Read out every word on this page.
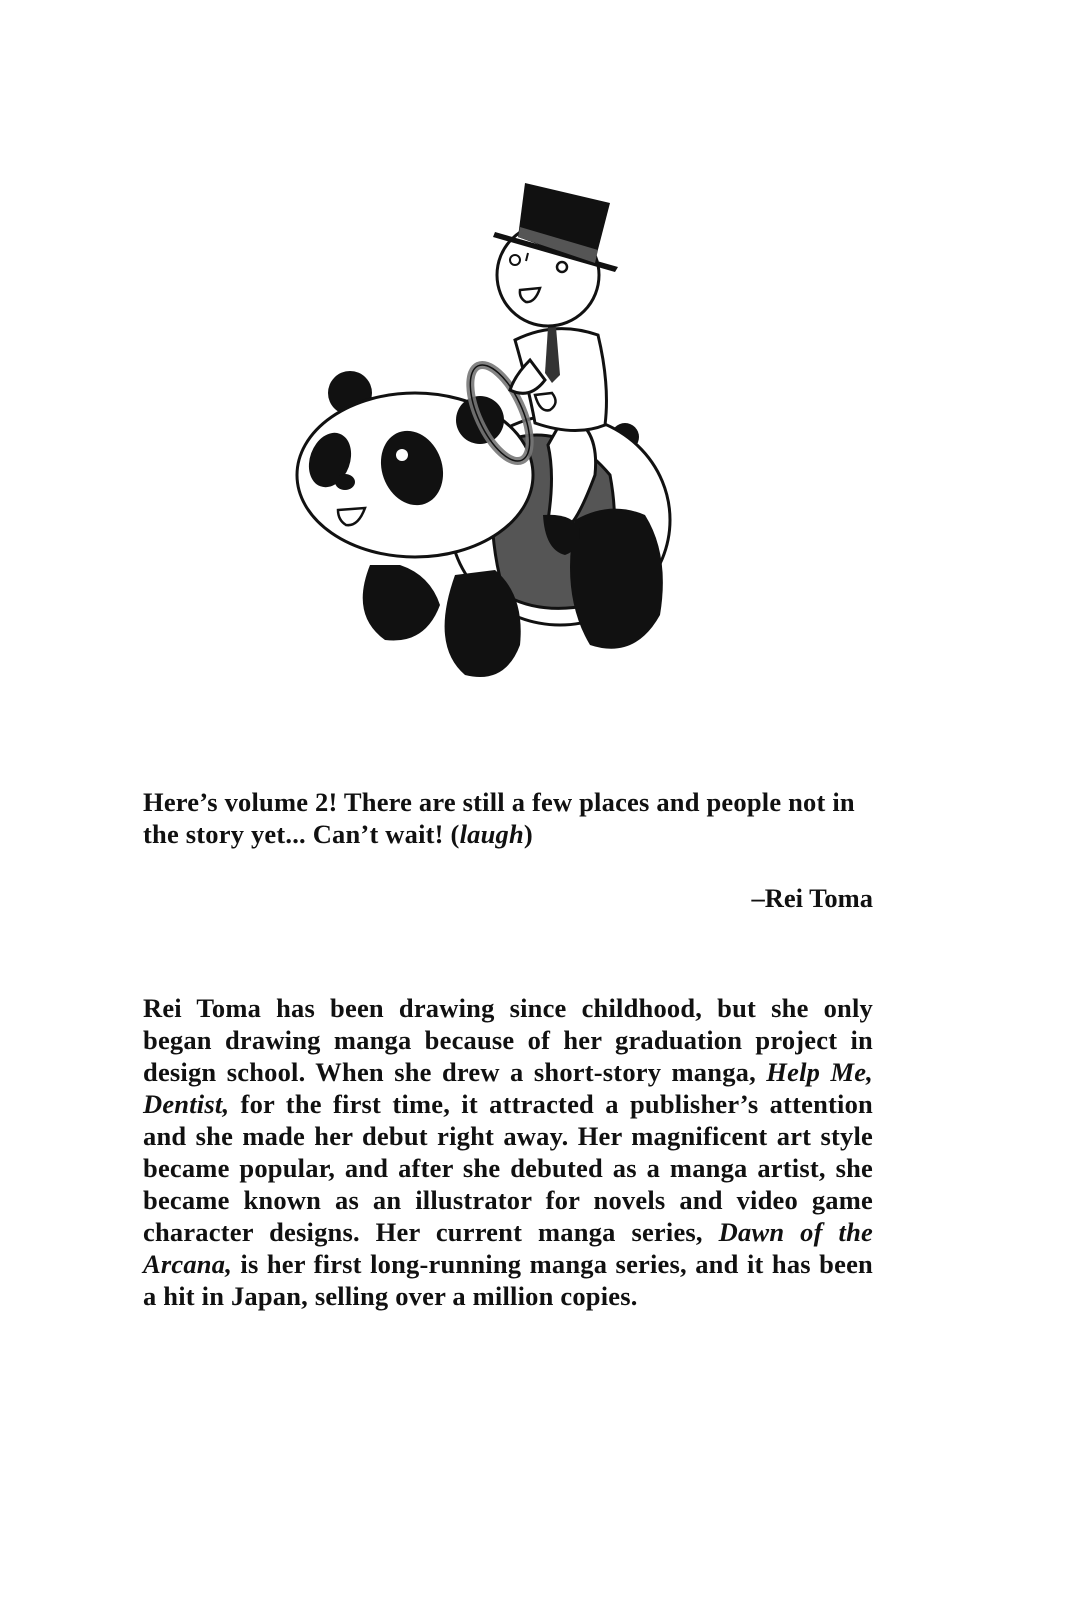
Here’s volume 2! There are still a few places and people not in the story yet... Can’t wait! (laugh)

–Rei Toma

Rei Toma has been drawing since childhood, but she only began drawing manga because of her graduation project in design school. When she drew a short-story manga, Help Me, Dentist, for the first time, it attracted a publisher’s attention and she made her debut right away. Her magnificent art style became popular, and after she debuted as a manga artist, she became known as an illustrator for novels and video game character designs. Her current manga series, Dawn of the Arcana, is her first long-running manga series, and it has been a hit in Japan, selling over a million copies.
